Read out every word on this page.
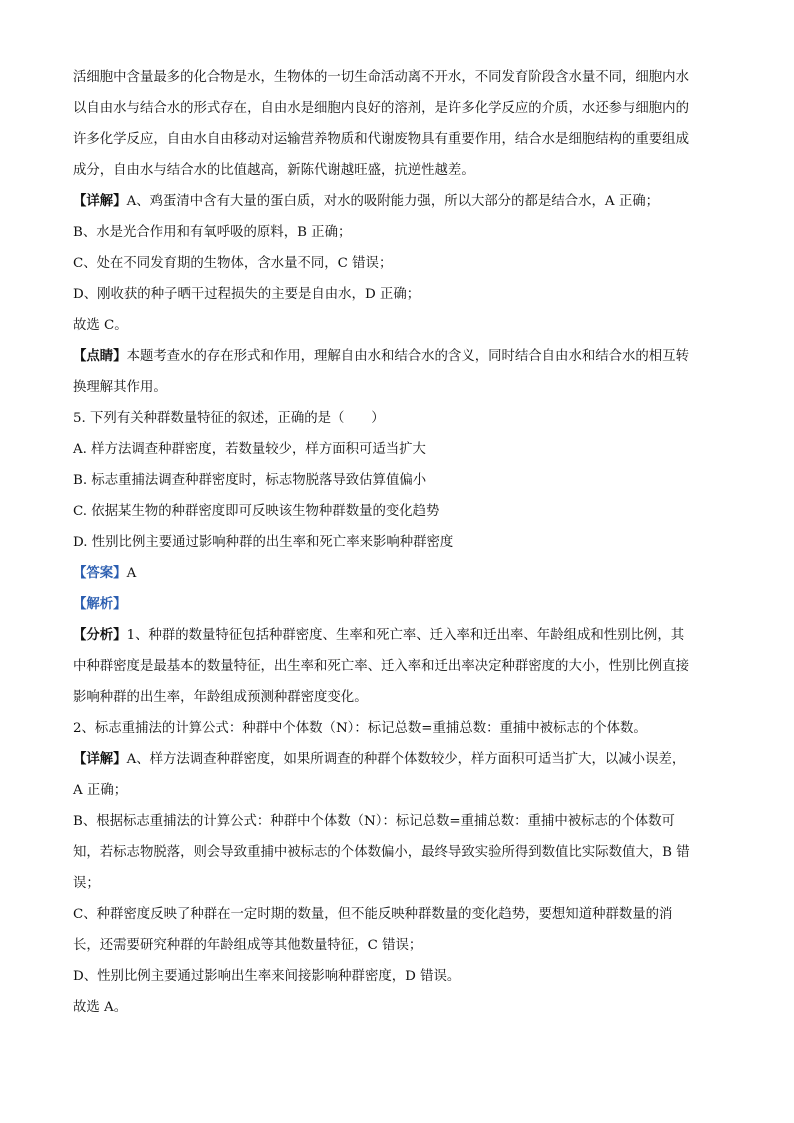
活细胞中含量最多的化合物是水，生物体的一切生命活动离不开水，不同发育阶段含水量不同，细胞内水
以自由水与结合水的形式存在，自由水是细胞内良好的溶剂，是许多化学反应的介质，水还参与细胞内的
许多化学反应，自由水自由移动对运输营养物质和代谢废物具有重要作用，结合水是细胞结构的重要组成
成分，自由水与结合水的比值越高，新陈代谢越旺盛，抗逆性越差。
【详解】A、鸡蛋清中含有大量的蛋白质，对水的吸附能力强，所以大部分的都是结合水，A 正确；
B、水是光合作用和有氧呼吸的原料，B 正确；
C、处在不同发育期的生物体，含水量不同，C 错误；
D、刚收获的种子晒干过程损失的主要是自由水，D 正确；
故选 C。
【点睛】本题考查水的存在形式和作用，理解自由水和结合水的含义，同时结合自由水和结合水的相互转
换理解其作用。
5. 下列有关种群数量特征的叙述，正确的是（　　）
A. 样方法调查种群密度，若数量较少，样方面积可适当扩大
B. 标志重捕法调查种群密度时，标志物脱落导致估算值偏小
C. 依据某生物的种群密度即可反映该生物种群数量的变化趋势
D. 性别比例主要通过影响种群的出生率和死亡率来影响种群密度
【答案】A
【解析】
【分析】1、种群的数量特征包括种群密度、生率和死亡率、迁入率和迁出率、年龄组成和性别比例，其
中种群密度是最基本的数量特征，出生率和死亡率、迁入率和迁出率决定种群密度的大小，性别比例直接
影响种群的出生率，年龄组成预测种群密度变化。
2、标志重捕法的计算公式：种群中个体数（N）：标记总数=重捕总数：重捕中被标志的个体数。
【详解】A、样方法调查种群密度，如果所调查的种群个体数较少，样方面积可适当扩大，以减小误差，
A 正确；
B、根据标志重捕法的计算公式：种群中个体数（N）：标记总数=重捕总数：重捕中被标志的个体数可
知，若标志物脱落，则会导致重捕中被标志的个体数偏小，最终导致实验所得到数值比实际数值大，B 错
误；
C、种群密度反映了种群在一定时期的数量，但不能反映种群数量的变化趋势，要想知道种群数量的消
长，还需要研究种群的年龄组成等其他数量特征，C 错误；
D、性别比例主要通过影响出生率来间接影响种群密度，D 错误。
故选 A。
